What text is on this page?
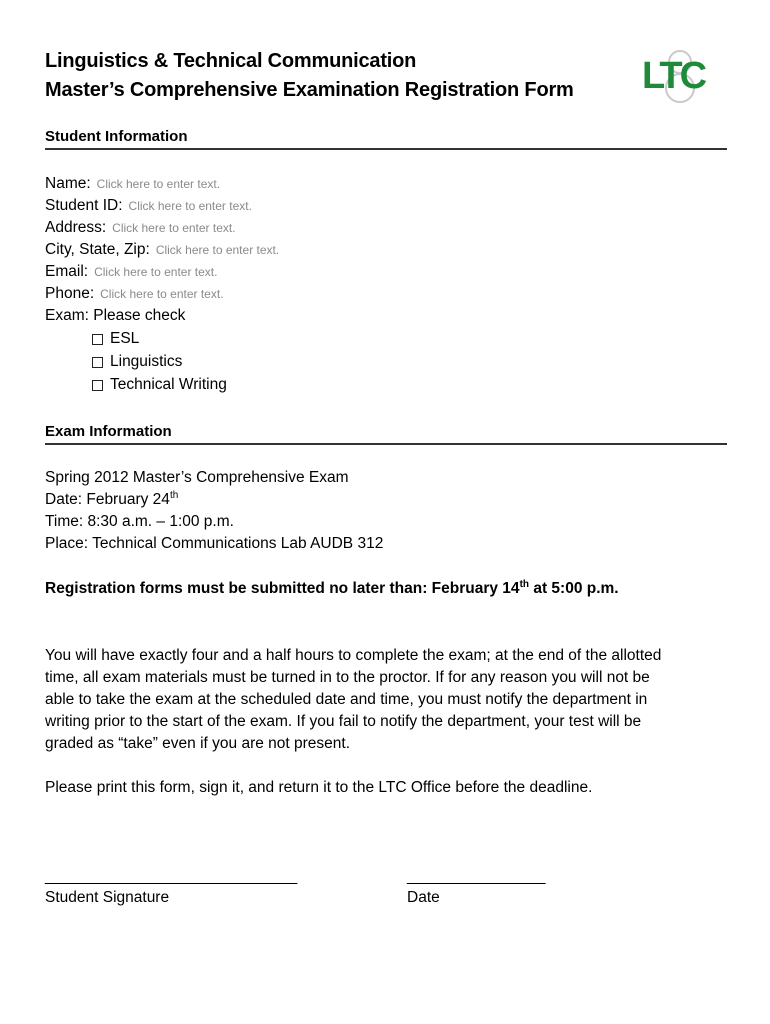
Linguistics & Technical Communication
Master’s Comprehensive Examination Registration Form LTC
Student Information
Name: Click here to enter text.
Student ID: Click here to enter text.
Address: Click here to enter text.
City, State, Zip: Click here to enter text.
Email: Click here to enter text.
Phone: Click here to enter text.
Exam: Please check
ESL
Linguistics
Technical Writing
Exam Information
Spring 2012 Master’s Comprehensive Exam
Date: February 24th
Time: 8:30 a.m. – 1:00 p.m.
Place: Technical Communications Lab AUDB 312
Registration forms must be submitted no later than: February 14th at 5:00 p.m.
You will have exactly four and a half hours to complete the exam; at the end of the allotted
time, all exam materials must be turned in to the proctor. If for any reason you will not be
able to take the exam at the scheduled date and time, you must notify the department in
writing prior to the start of the exam. If you fail to notify the department, your test will be
graded as “take” even if you are not present.
Please print this form, sign it, and return it to the LTC Office before the deadline.
_______________________________
Student Signature
_________________
Date
